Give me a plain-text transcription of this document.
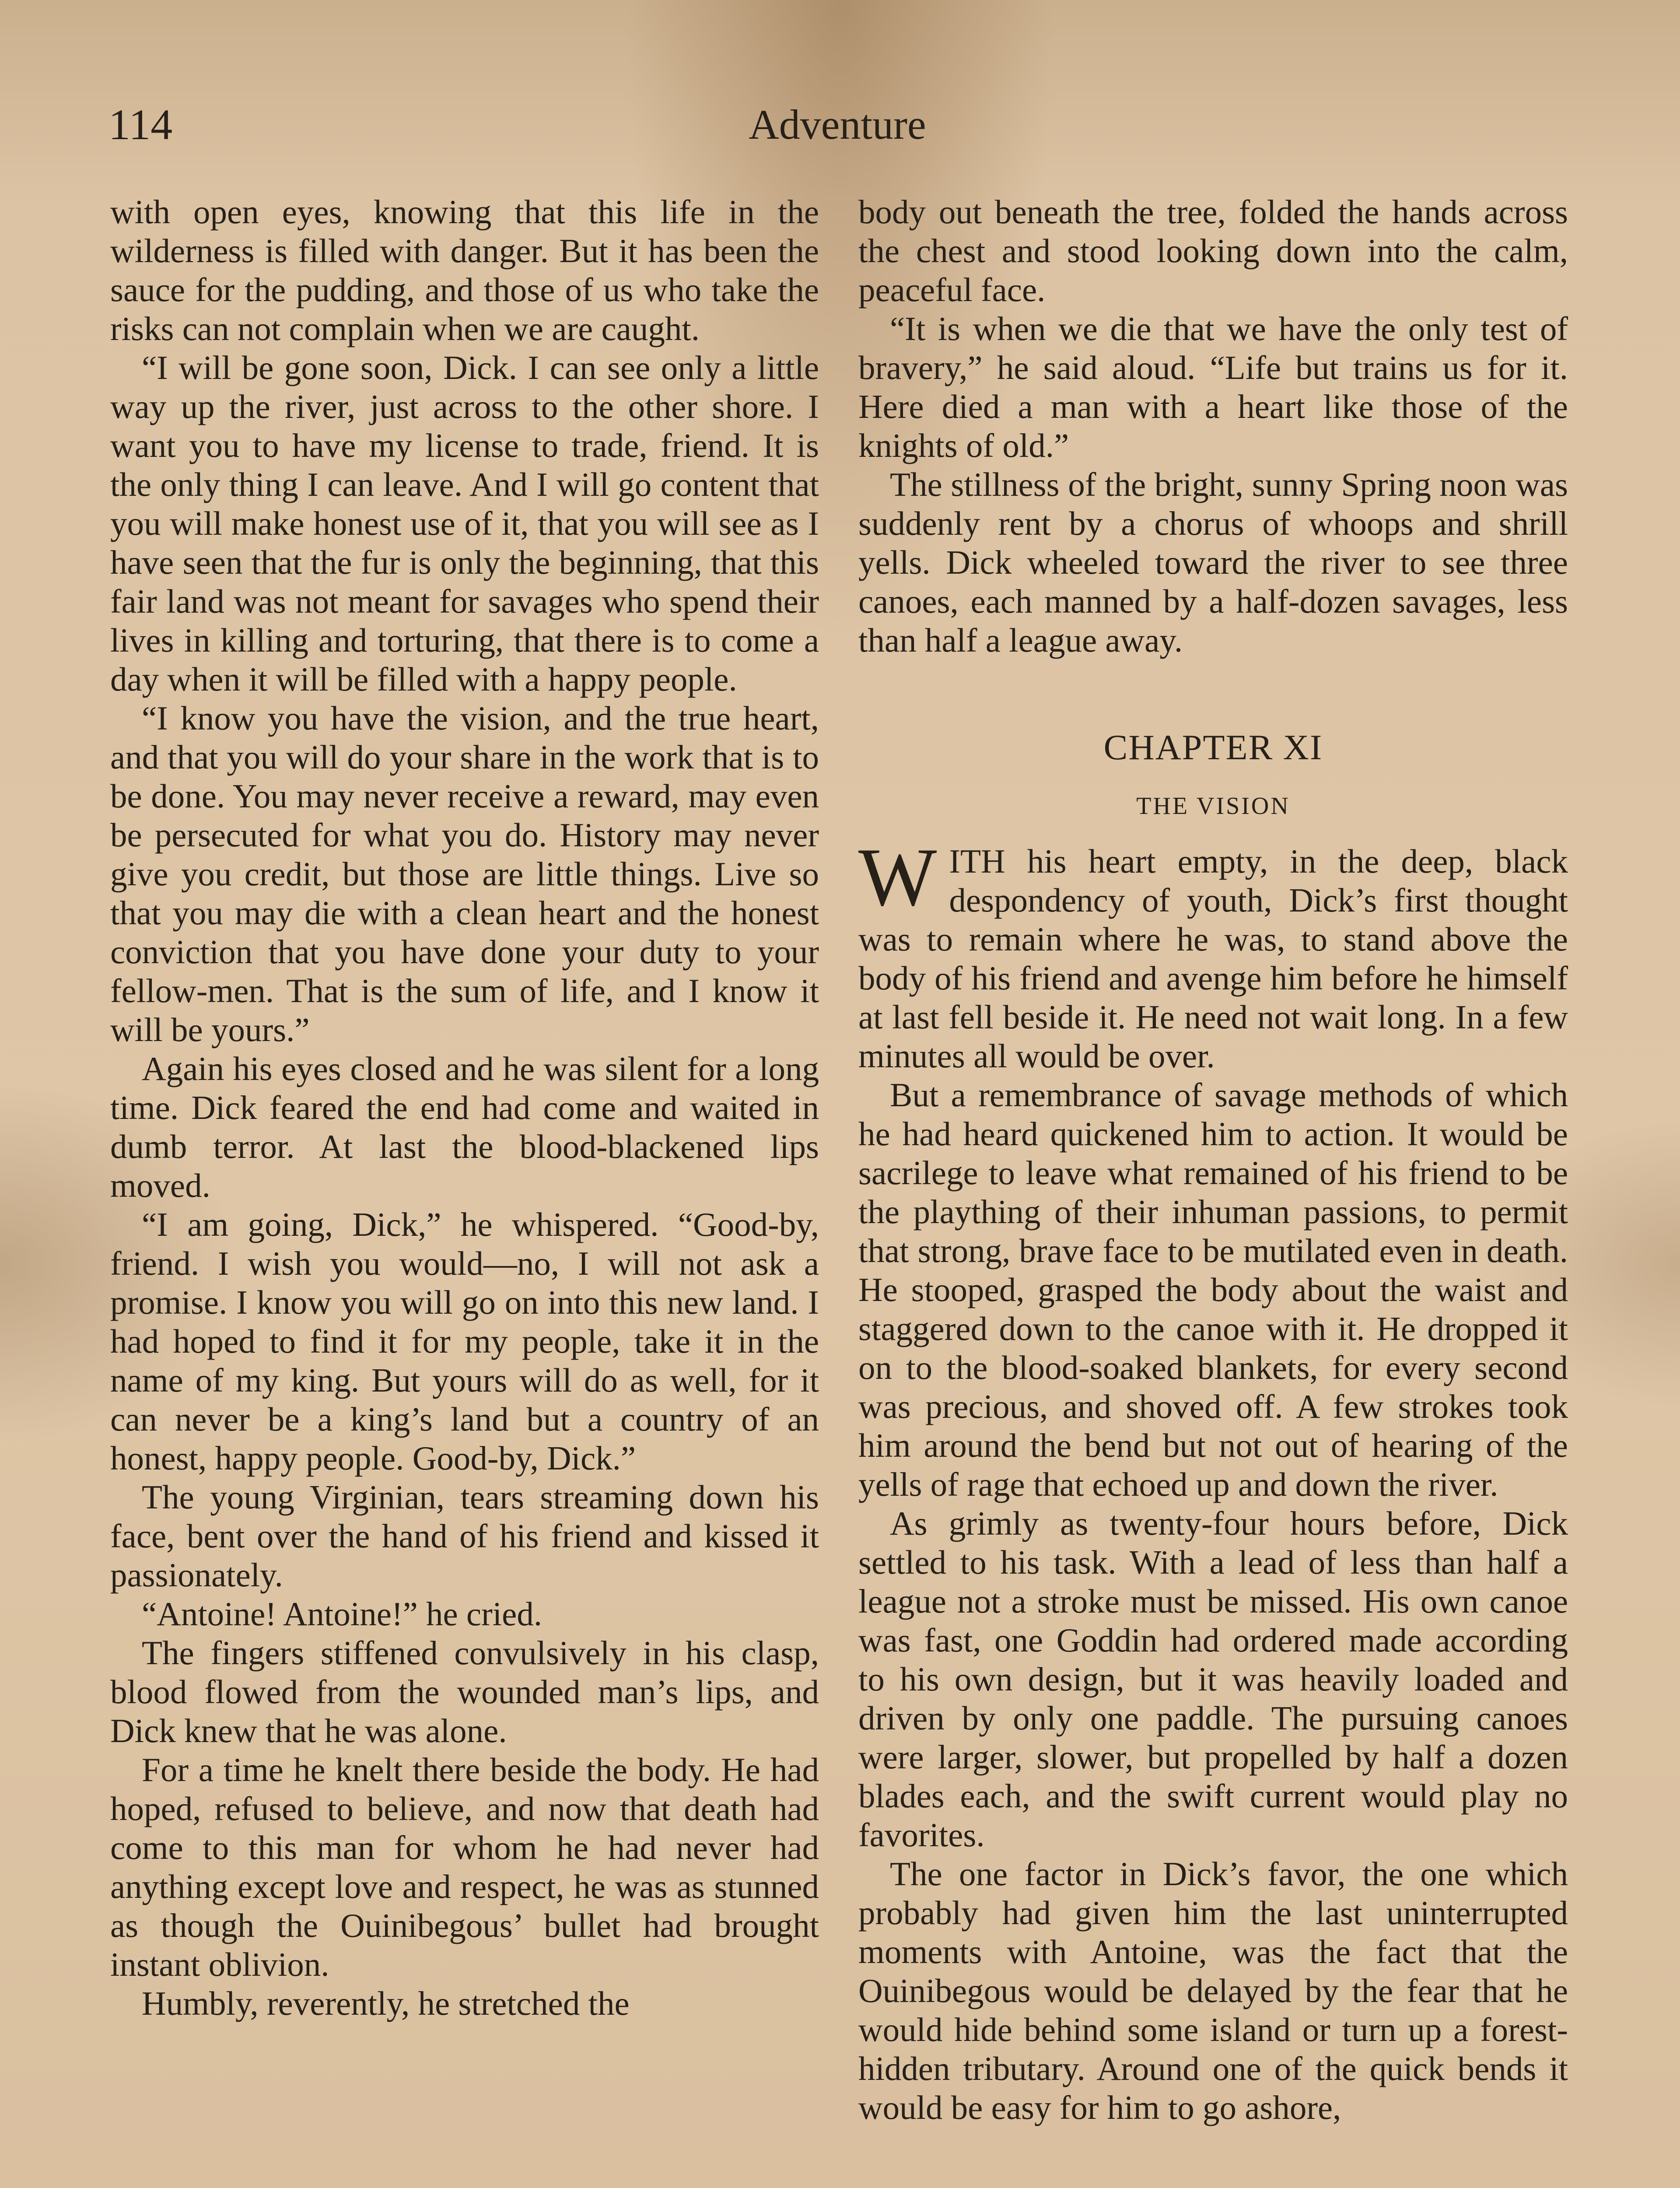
114	Adventure

with open eyes, knowing that this life in the wilderness is filled with danger. But it has been the sauce for the pudding, and those of us who take the risks can not complain when we are caught.

“I will be gone soon, Dick. I can see only a little way up the river, just across to the other shore. I want you to have my license to trade, friend. It is the only thing I can leave. And I will go content that you will make honest use of it, that you will see as I have seen that the fur is only the beginning, that this fair land was not meant for savages who spend their lives in killing and torturing, that there is to come a day when it will be filled with a happy people.

“I know you have the vision, and the true heart, and that you will do your share in the work that is to be done. You may never receive a reward, may even be persecuted for what you do. History may never give you credit, but those are little things. Live so that you may die with a clean heart and the honest conviction that you have done your duty to your fellow-men. That is the sum of life, and I know it will be yours.”

Again his eyes closed and he was silent for a long time. Dick feared the end had come and waited in dumb terror. At last the blood-blackened lips moved.

“I am going, Dick,” he whispered. “Good-by, friend. I wish you would—no, I will not ask a promise. I know you will go on into this new land. I had hoped to find it for my people, take it in the name of my king. But yours will do as well, for it can never be a king’s land but a country of an honest, happy people. Good-by, Dick.”

The young Virginian, tears streaming down his face, bent over the hand of his friend and kissed it passionately.

“Antoine! Antoine!” he cried.

The fingers stiffened convulsively in his clasp, blood flowed from the wounded man’s lips, and Dick knew that he was alone.

For a time he knelt there beside the body. He had hoped, refused to believe, and now that death had come to this man for whom he had never had anything except love and respect, he was as stunned as though the Ouinibegous’ bullet had brought instant oblivion.

Humbly, reverently, he stretched the

body out beneath the tree, folded the hands across the chest and stood looking down into the calm, peaceful face.

“It is when we die that we have the only test of bravery,” he said aloud. “Life but trains us for it. Here died a man with a heart like those of the knights of old.”

The stillness of the bright, sunny Spring noon was suddenly rent by a chorus of whoops and shrill yells. Dick wheeled toward the river to see three canoes, each manned by a half-dozen savages, less than half a league away.

CHAPTER XI
THE VISION

WITH his heart empty, in the deep, black despondency of youth, Dick’s first thought was to remain where he was, to stand above the body of his friend and avenge him before he himself at last fell beside it. He need not wait long. In a few minutes all would be over.

But a remembrance of savage methods of which he had heard quickened him to action. It would be sacrilege to leave what remained of his friend to be the plaything of their inhuman passions, to permit that strong, brave face to be mutilated even in death. He stooped, grasped the body about the waist and staggered down to the canoe with it. He dropped it on to the blood-soaked blankets, for every second was precious, and shoved off. A few strokes took him around the bend but not out of hearing of the yells of rage that echoed up and down the river.

As grimly as twenty-four hours before, Dick settled to his task. With a lead of less than half a league not a stroke must be missed. His own canoe was fast, one Goddin had ordered made according to his own design, but it was heavily loaded and driven by only one paddle. The pursuing canoes were larger, slower, but propelled by half a dozen blades each, and the swift current would play no favorites.

The one factor in Dick’s favor, the one which probably had given him the last uninterrupted moments with Antoine, was the fact that the Ouinibegous would be delayed by the fear that he would hide behind some island or turn up a forest-hidden tributary. Around one of the quick bends it would be easy for him to go ashore,
